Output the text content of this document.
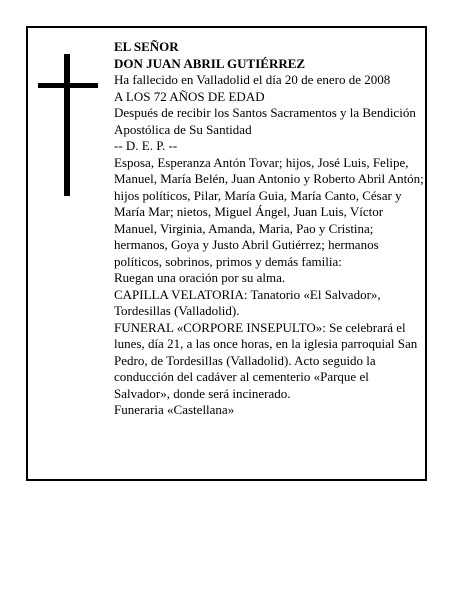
EL SEÑOR

DON JUAN ABRIL GUTIÉRREZ

Ha fallecido en Valladolid el día 20 de enero de 2008

A LOS 72 AÑOS DE EDAD

Después de recibir los Santos Sacramentos y la Bendición Apostólica de Su Santidad

-- D. E. P. --

Esposa, Esperanza Antón Tovar; hijos, José Luis, Felipe, Manuel, María Belén, Juan Antonio y Roberto Abril Antón; hijos políticos, Pilar, María Guia, María Canto, César y María Mar; nietos, Miguel Ángel, Juan Luis, Víctor Manuel, Virginia, Amanda, Maria, Pao y Cristina; hermanos, Goya y Justo Abril Gutiérrez; hermanos políticos, sobrinos, primos y demás familia:

Ruegan una oración por su alma.

CAPILLA VELATORIA: Tanatorio «El Salvador», Tordesillas (Valladolid).

FUNERAL «CORPORE INSEPULTO»: Se celebrará el lunes, día 21, a las once horas, en la iglesia parroquial San Pedro, de Tordesillas (Valladolid). Acto seguido la conducción del cadáver al cementerio «Parque el Salvador», donde será incinerado.

Funeraria «Castellana»
